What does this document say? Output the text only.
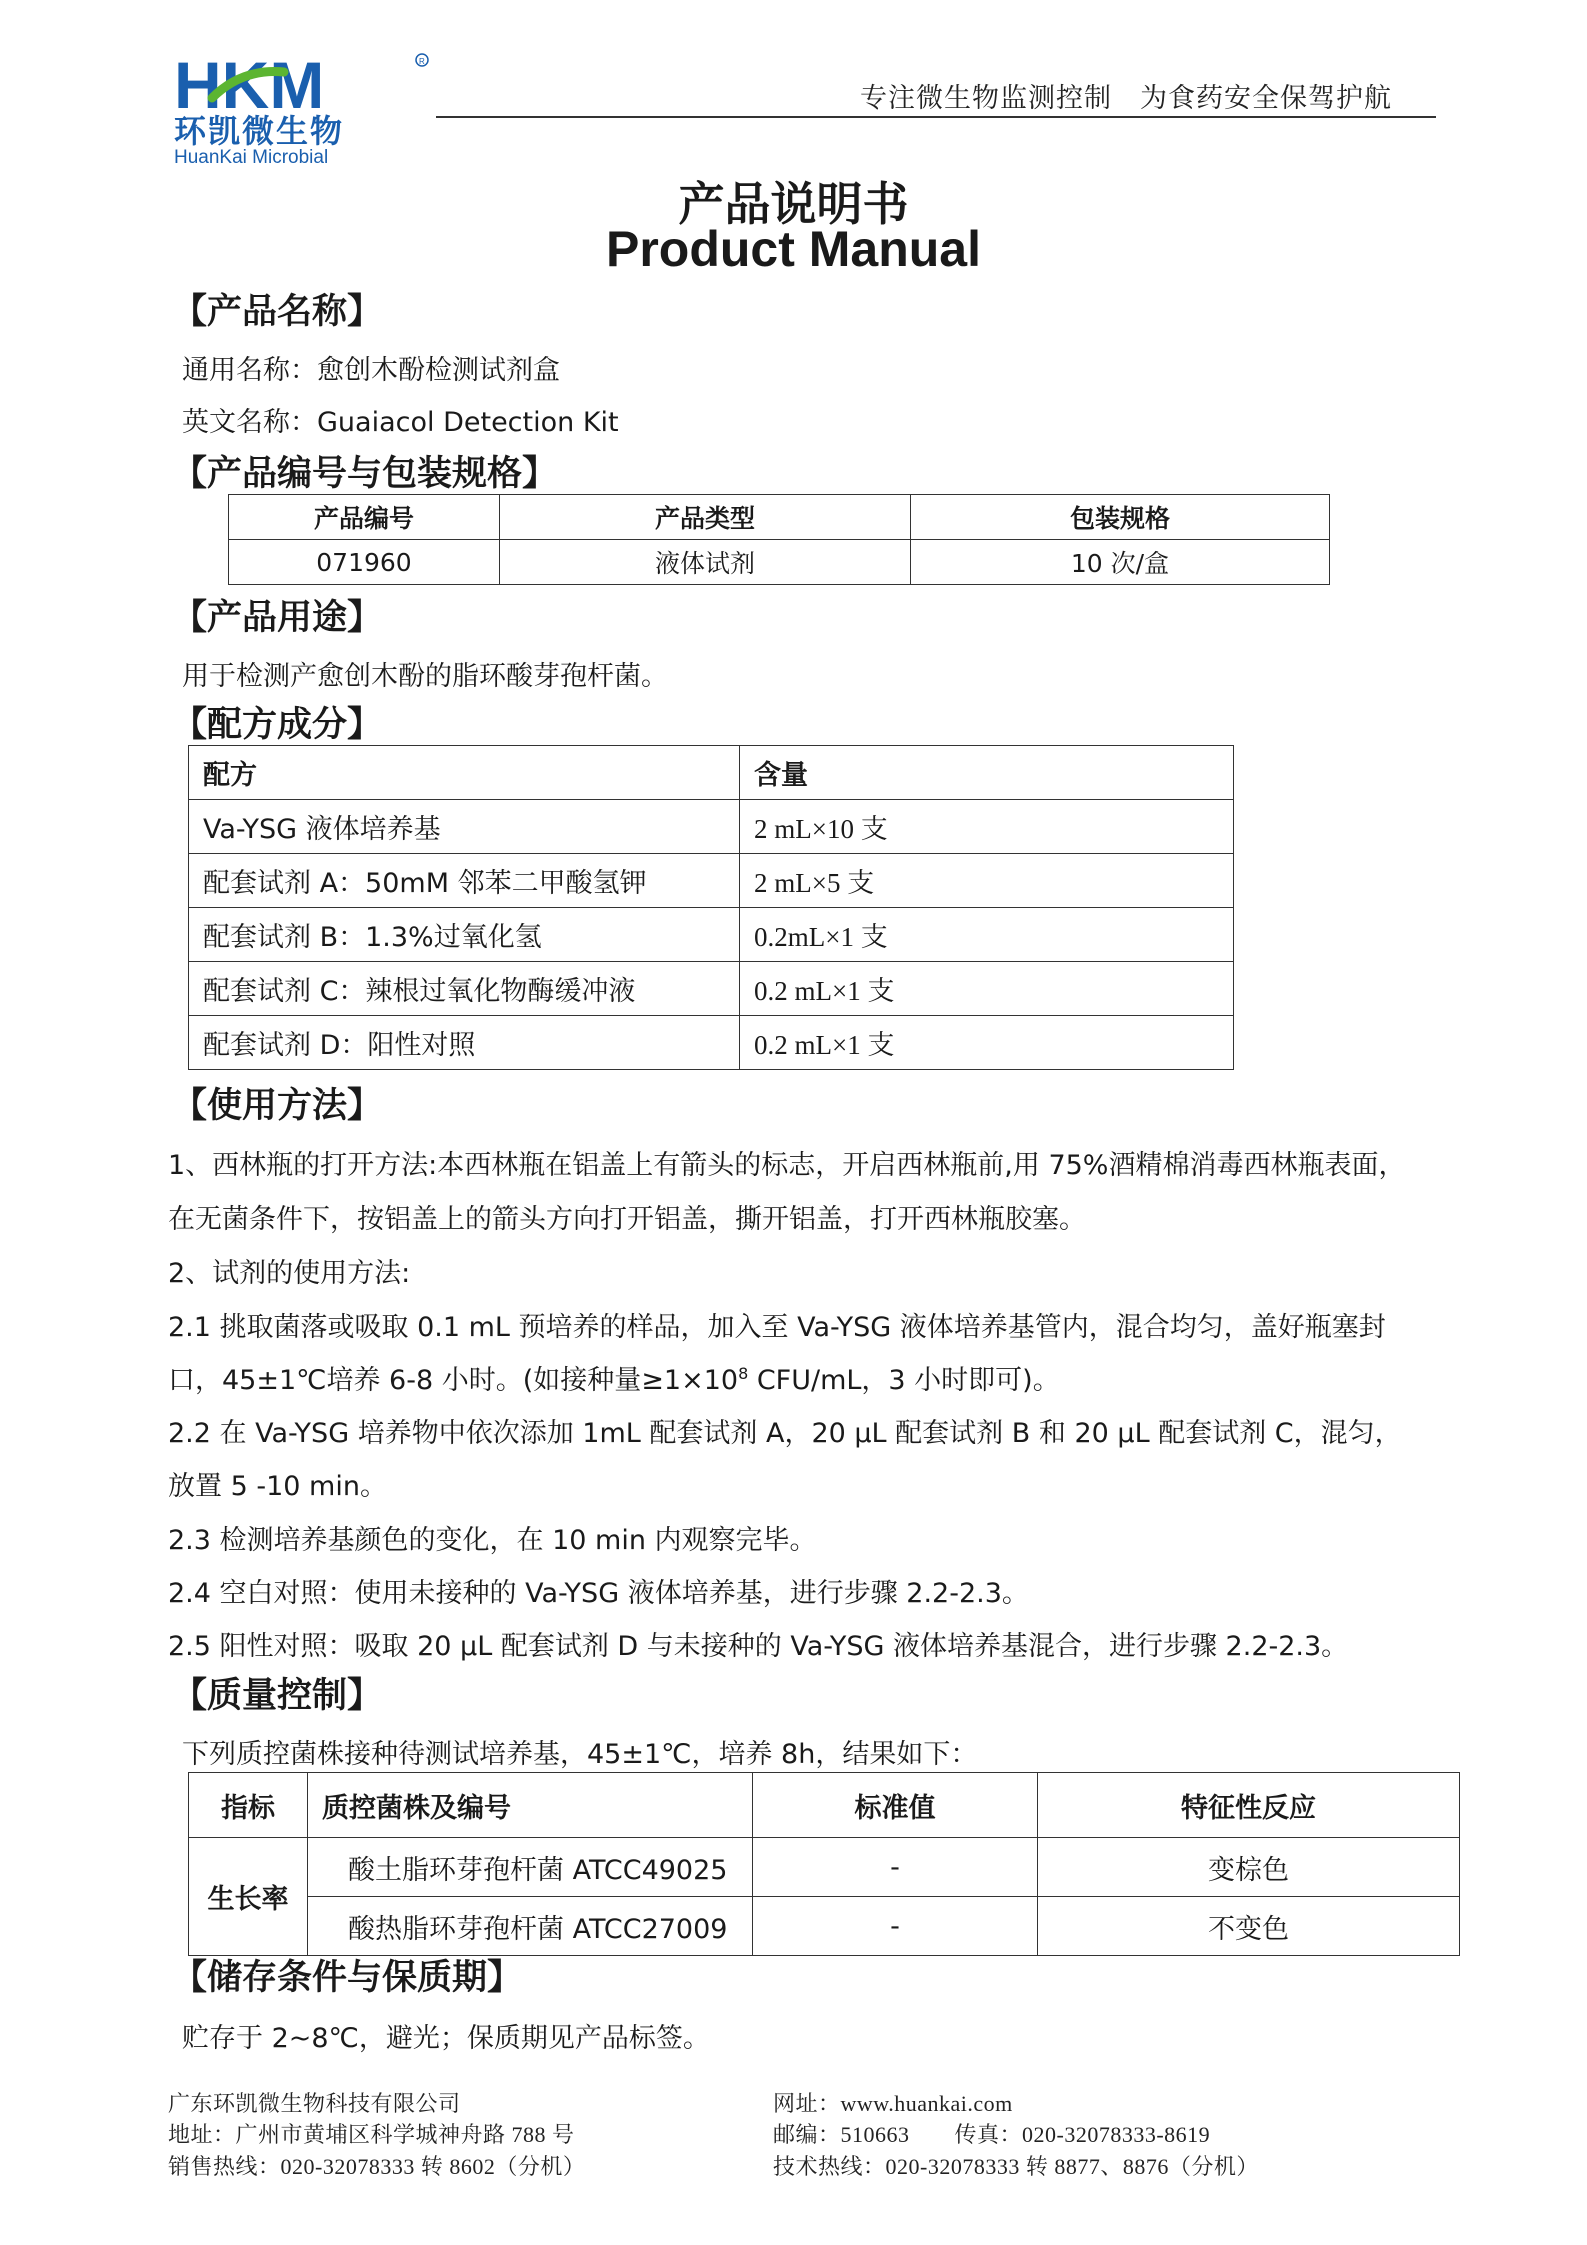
HKM	R
环凯微生物
HuanKai Microbial
专注微生物监测控制　为食药安全保驾护航
产品说明书
Product Manual
【产品名称】
通用名称：愈创木酚检测试剂盒
英文名称：Guaiacol Detection Kit
【产品编号与包装规格】
产品编号	产品类型	包装规格
071960	液体试剂	10 次/盒
【产品用途】
用于检测产愈创木酚的脂环酸芽孢杆菌。
【配方成分】
配方	含量
Va-YSG 液体培养基	2 mL×10 支
配套试剂 A：50mM 邻苯二甲酸氢钾	2 mL×5 支
配套试剂 B：1.3%过氧化氢	0.2mL×1 支
配套试剂 C：辣根过氧化物酶缓冲液	0.2 mL×1 支
配套试剂 D：阳性对照	0.2 mL×1 支
【使用方法】
1、西林瓶的打开方法:本西林瓶在铝盖上有箭头的标志，开启西林瓶前,用 75%酒精棉消毒西林瓶表面，
在无菌条件下，按铝盖上的箭头方向打开铝盖，撕开铝盖，打开西林瓶胶塞。
2、试剂的使用方法:
2.1 挑取菌落或吸取 0.1 mL 预培养的样品，加入至 Va-YSG 液体培养基管内，混合均匀，盖好瓶塞封
口，45±1℃培养 6-8 小时。(如接种量$\ge 1\times 10^8$ CFU/mL，3 小时即可)。
2.2 在 Va-YSG 培养物中依次添加 1mL 配套试剂 A，20 μL 配套试剂 B 和 20 μL 配套试剂 C，混匀，
放置 5 -10 min。
2.3 检测培养基颜色的变化，在 10 min 内观察完毕。
2.4 空白对照：使用未接种的 Va-YSG 液体培养基，进行步骤 2.2-2.3。
2.5 阳性对照：吸取 20 μL 配套试剂 D 与未接种的 Va-YSG 液体培养基混合，进行步骤 2.2-2.3。
【质量控制】
下列质控菌株接种待测试培养基，45±1℃，培养 8h，结果如下：
指标	质控菌株及编号	标准值	特征性反应
生长率	酸土脂环芽孢杆菌 ATCC49025	-	变棕色
	酸热脂环芽孢杆菌 ATCC27009	-	不变色
【储存条件与保质期】
贮存于 2~8℃，避光；保质期见产品标签。
广东环凯微生物科技有限公司
地址：广州市黄埔区科学城神舟路 788 号
销售热线：020-32078333 转 8602（分机）
网址：www.huankai.com
邮编：510663　　传真：020-32078333-8619
技术热线：020-32078333 转 8877、8876（分机）
